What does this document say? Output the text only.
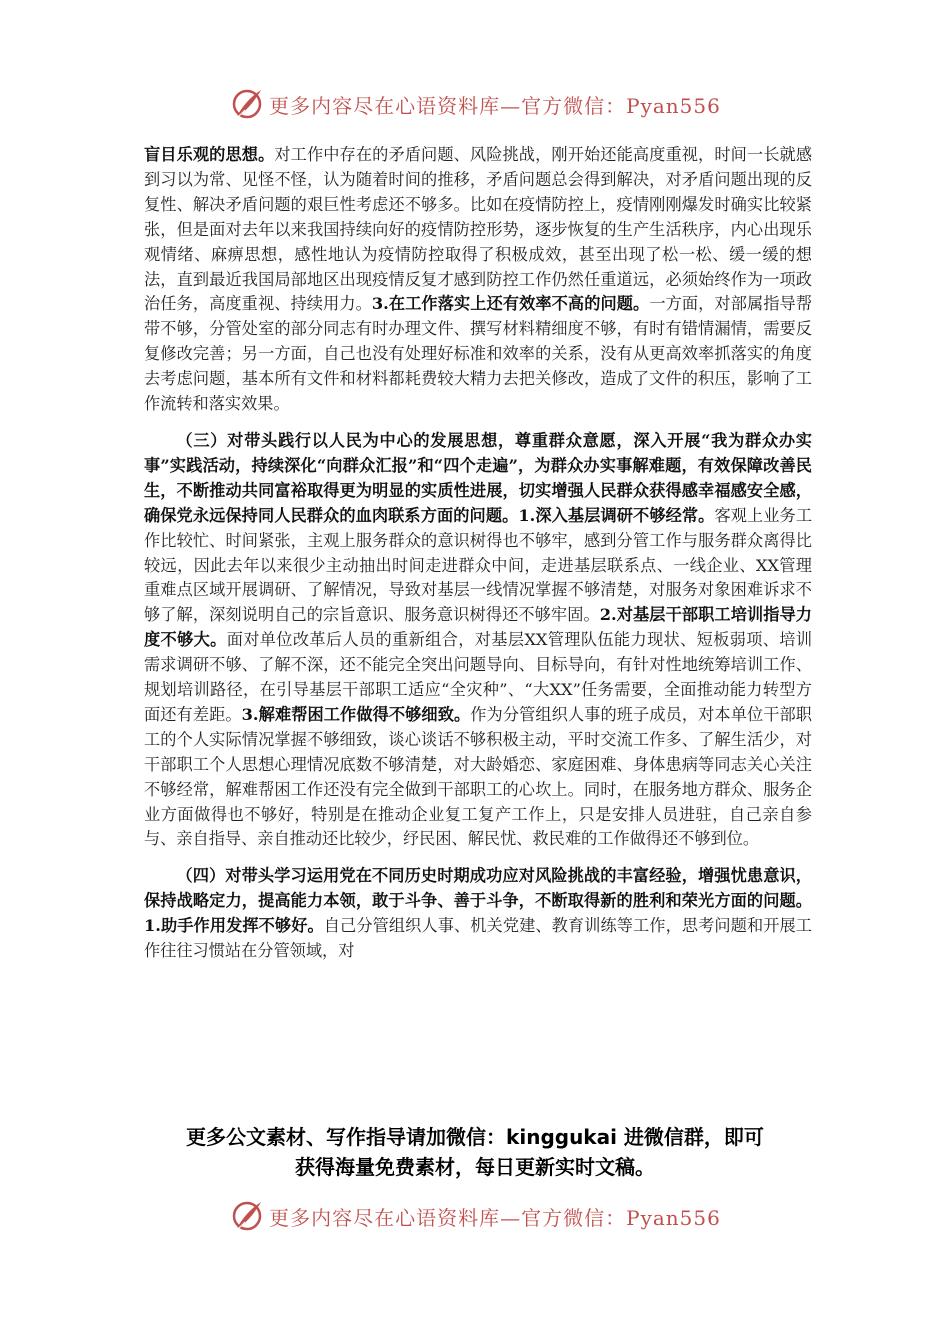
更多内容尽在心语资料库—官方微信：Pyan556

盲目乐观的思想。对工作中存在的矛盾问题、风险挑战，刚开始还能高度重视，时间一长就感到习以为常、见怪不怪，认为随着时间的推移，矛盾问题总会得到解决，对矛盾问题出现的反复性、解决矛盾问题的艰巨性考虑还不够多。比如在疫情防控上，疫情刚刚爆发时确实比较紧张，但是面对去年以来我国持续向好的疫情防控形势，逐步恢复的生产生活秩序，内心出现乐观情绪、麻痹思想，感性地认为疫情防控取得了积极成效，甚至出现了松一松、缓一缓的想法，直到最近我国局部地区出现疫情反复才感到防控工作仍然任重道远，必须始终作为一项政治任务，高度重视、持续用力。3.在工作落实上还有效率不高的问题。一方面，对部属指导帮带不够，分管处室的部分同志有时办理文件、撰写材料精细度不够，有时有错情漏情，需要反复修改完善；另一方面，自己也没有处理好标准和效率的关系，没有从更高效率抓落实的角度去考虑问题，基本所有文件和材料都耗费较大精力去把关修改，造成了文件的积压，影响了工作流转和落实效果。

（三）对带头践行以人民为中心的发展思想，尊重群众意愿，深入开展“我为群众办实事”实践活动，持续深化“向群众汇报”和“四个走遍”，为群众办实事解难题，有效保障改善民生，不断推动共同富裕取得更为明显的实质性进展，切实增强人民群众获得感幸福感安全感，确保党永远保持同人民群众的血肉联系方面的问题。1.深入基层调研不够经常。客观上业务工作比较忙、时间紧张，主观上服务群众的意识树得也不够牢，感到分管工作与服务群众离得比较远，因此去年以来很少主动抽出时间走进群众中间，走进基层联系点、一线企业、XX管理重难点区域开展调研、了解情况，导致对基层一线情况掌握不够清楚，对服务对象困难诉求不够了解，深刻说明自己的宗旨意识、服务意识树得还不够牢固。2.对基层干部职工培训指导力度不够大。面对单位改革后人员的重新组合，对基层XX管理队伍能力现状、短板弱项、培训需求调研不够、了解不深，还不能完全突出问题导向、目标导向，有针对性地统筹培训工作、规划培训路径，在引导基层干部职工适应“全灾种”、“大XX”任务需要，全面推动能力转型方面还有差距。3.解难帮困工作做得不够细致。作为分管组织人事的班子成员，对本单位干部职工的个人实际情况掌握不够细致，谈心谈话不够积极主动，平时交流工作多、了解生活少，对干部职工个人思想心理情况底数不够清楚，对大龄婚恋、家庭困难、身体患病等同志关心关注不够经常，解难帮困工作还没有完全做到干部职工的心坎上。同时，在服务地方群众、服务企业方面做得也不够好，特别是在推动企业复工复产工作上，只是安排人员进驻，自己亲自参与、亲自指导、亲自推动还比较少，纾民困、解民忧、救民难的工作做得还不够到位。

（四）对带头学习运用党在不同历史时期成功应对风险挑战的丰富经验，增强忧患意识，保持战略定力，提高能力本领，敢于斗争、善于斗争，不断取得新的胜利和荣光方面的问题。1.助手作用发挥不够好。自己分管组织人事、机关党建、教育训练等工作，思考问题和开展工作往往习惯站在分管领域，对

更多公文素材、写作指导请加微信：kinggukai 进微信群，即可
获得海量免费素材，每日更新实时文稿。
更多内容尽在心语资料库—官方微信：Pyan556
